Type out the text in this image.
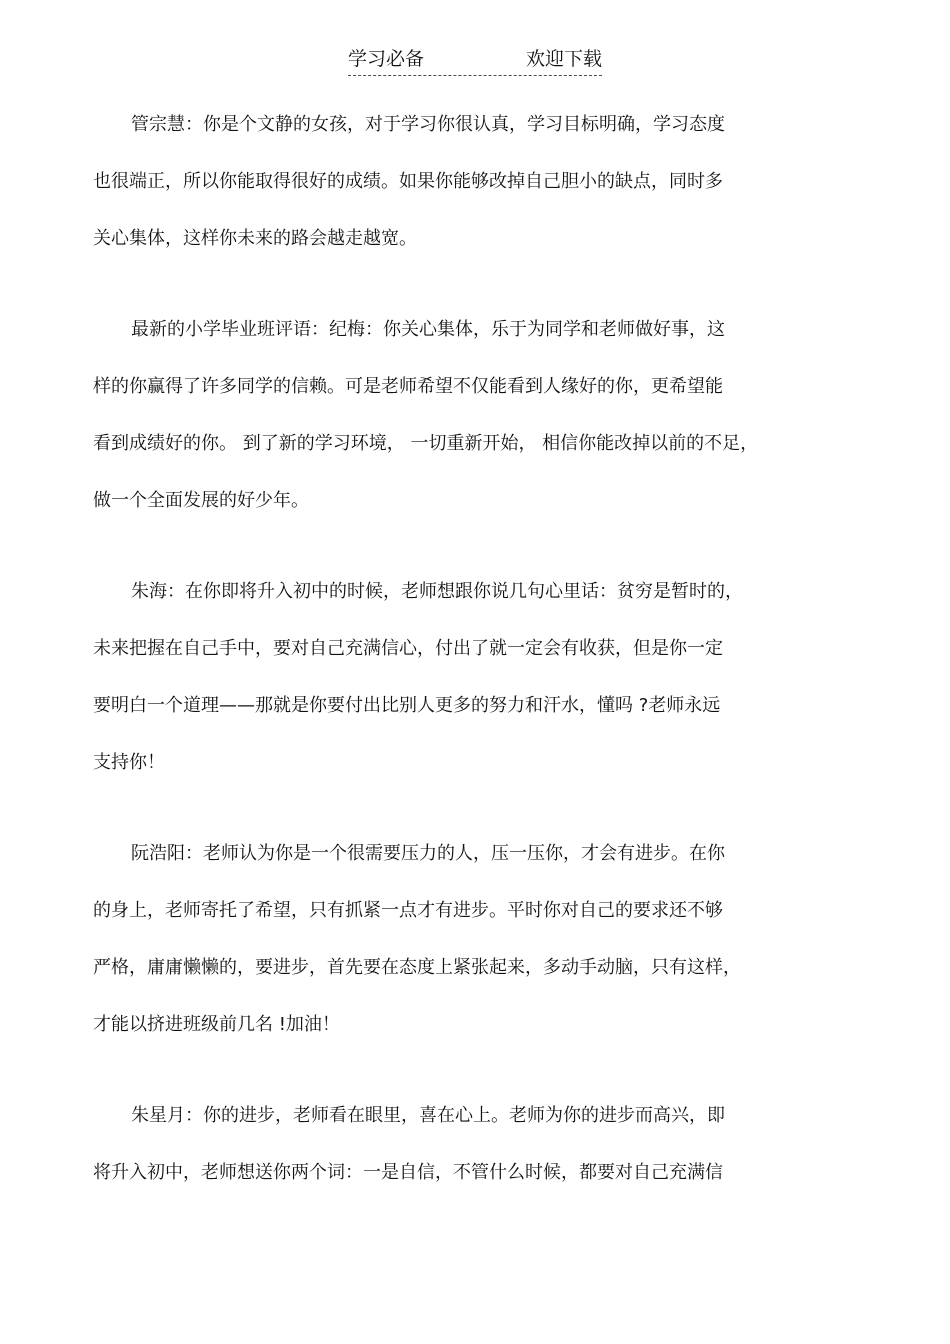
学习必备	欢迎下载
管宗慧：你是个文静的女孩，对于学习你很认真，学习目标明确，学习态度
也很端正，所以你能取得很好的成绩。如果你能够改掉自己胆小的缺点，同时多
关心集体，这样你未来的路会越走越宽。
最新的小学毕业班评语：纪梅：你关心集体，乐于为同学和老师做好事，这
样的你赢得了许多同学的信赖。可是老师希望不仅能看到人缘好的你，更希望能
看到成绩好的你。 到了新的学习环境， 一切重新开始， 相信你能改掉以前的不足，
做一个全面发展的好少年。
朱海：在你即将升入初中的时候，老师想跟你说几句心里话：贫穷是暂时的，
未来把握在自己手中，要对自己充满信心，付出了就一定会有收获，但是你一定
要明白一个道理——那就是你要付出比别人更多的努力和汗水，懂吗 ?老师永远
支持你！
阮浩阳：老师认为你是一个很需要压力的人，压一压你，才会有进步。在你
的身上，老师寄托了希望，只有抓紧一点才有进步。平时你对自己的要求还不够
严格，庸庸懒懒的，要进步，首先要在态度上紧张起来，多动手动脑，只有这样，
才能以挤进班级前几名 !加油！
朱星月：你的进步，老师看在眼里，喜在心上。老师为你的进步而高兴，即
将升入初中，老师想送你两个词：一是自信，不管什么时候，都要对自己充满信
